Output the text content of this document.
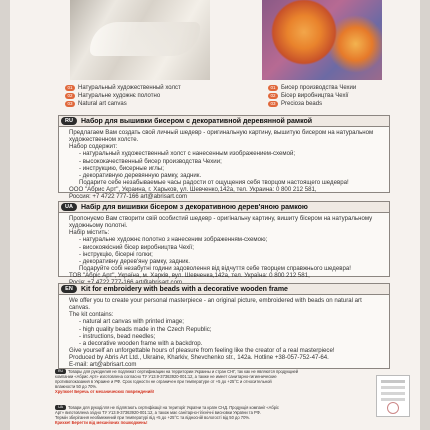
01 Натуральный художественный холст
02 Натуральне художнє полотно
03 Natural art canvas
01 Бисер производства Чехии
02 Бісер виробництва Чехії
03 Precioза beads
RU	Набор для вышивки бисером с декоративной деревянной рамкой

Предлагаем Вам создать свой личный шедевр - оригинальную картину, вышитую бисером на натуральном

художественном холсте.

Набор содержит:

- натуральный художественный холст с нанесенным изображением-схемой;

- высококачественный бисер производства Чехии;

- инструкцию, бисерные иглы;

- декоративную деревянную рамку, задник.

Подарите себе незабываемые часы радости от ощущения себя творцом настоящего шедевра!

ООО "Абрис Арт", Украина, г. Харьков, ул. Шевченко,142а, тел. Украина: 0 800 212 581,

Россия: +7 4722 777-166 art@abrisart.com

UA	Набір для вишивки бісером з декоративною дерев'яною рамкою

Пропонуємо Вам створити свій особистий шедевр - оригінальну картину, вишиту бісером на натуральному

художньому полотні.

Набір містить:

- натуральне художнє полотно з нанесеним зображенням-схемою;

- високоякісний бісер виробництва Чехії;

- інструкцію, бісерні голки;

- декоративну дерев'яну рамку, задник.

Подаруйте собі незабутні години задоволення від відчуття себе творцем справжнього шедевра!

ТОВ "Абріс Арт", Україна, м. Харків, вул. Шевченка,142а, тел. Україна: 0 800 212 581,

EN	Kit for embroidery with beads with a decorative wooden frame

We offer you to create your personal masterpiece - an original picture, embroidered with beads on natural art

canvas.

The kit contains:

- natural art canvas with printed image;

- high quality beads made in the Czech Republic;

- instructions, bead needles;

- a decorative wooden frame with a backdrop.

Give yourself an unforgettable hours of pleasure from feeling like the creator of a real masterpiece!

Produced by Abris Art Ltd., Ukraine, Kharkiv, Shevchenko str., 142a. Hotline +38-057-752-47-64.

E-mail: art@abrisart.com

RU	Товары для рукоделия не подлежат сертификации на территории Украины и стран СНГ, так как не являются продукцией
компании «Абрис Арт» изготовлена согласно ТУ У13.9-37363920-001:12, а также не имеет санитарно-гигиенические
противопоказания в Украине и РФ. Срок годности не ограничен при температуре от +5 до +25°C и относительной
влажности 50 до 70%.
Хрупкое! Беречь от механических повреждений!
UA	Товари для рукоділля не підлягають сертифікації на території України та країн СНД. Продукція компанії «Абріс
Арт» виготовлена згідно ТУ У13.9-37363920-001:12, а також має санітарно-гігієнічні висновки України та РФ.
Термін зберігання необмежений при температурі від +5 до +25°С та відносній вологості від 50 до 70%.
Крихке! Берегти від механічних пошкоджень!
